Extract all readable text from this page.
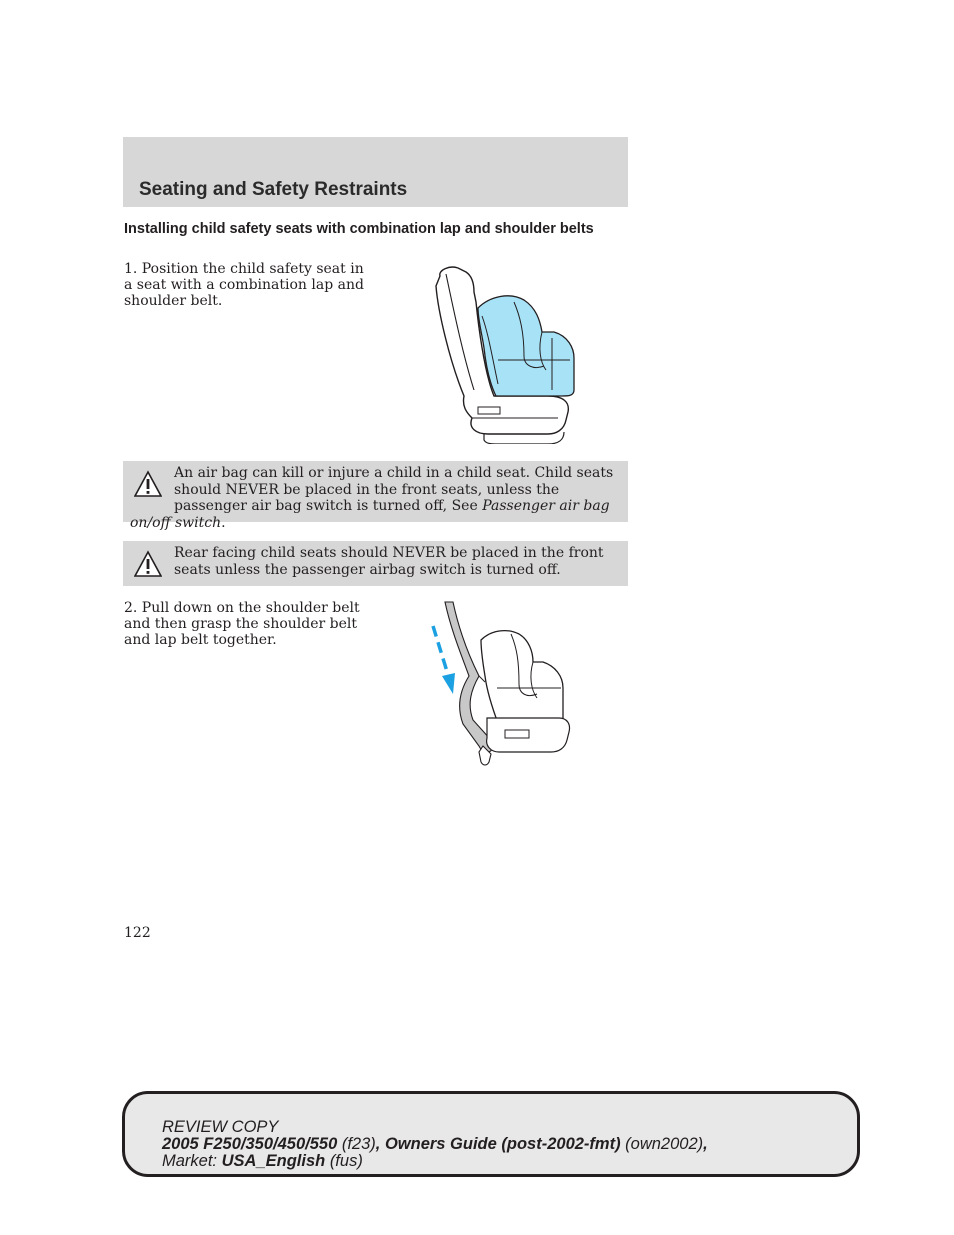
Seating and Safety Restraints
Installing child safety seats with combination lap and shoulder belts

1. Position the child safety seat in a seat with a combination lap and shoulder belt.

An air bag can kill or injure a child in a child seat. Child seats should NEVER be placed in the front seats, unless the passenger air bag switch is turned off, See Passenger air bag on/off switch.
Rear facing child seats should NEVER be placed in the front seats unless the passenger airbag switch is turned off.

2. Pull down on the shoulder belt and then grasp the shoulder belt and lap belt together.

122

REVIEW COPY
2005 F250/350/450/550 (f23), Owners Guide (post-2002-fmt) (own2002),
Market: USA_English (fus)
